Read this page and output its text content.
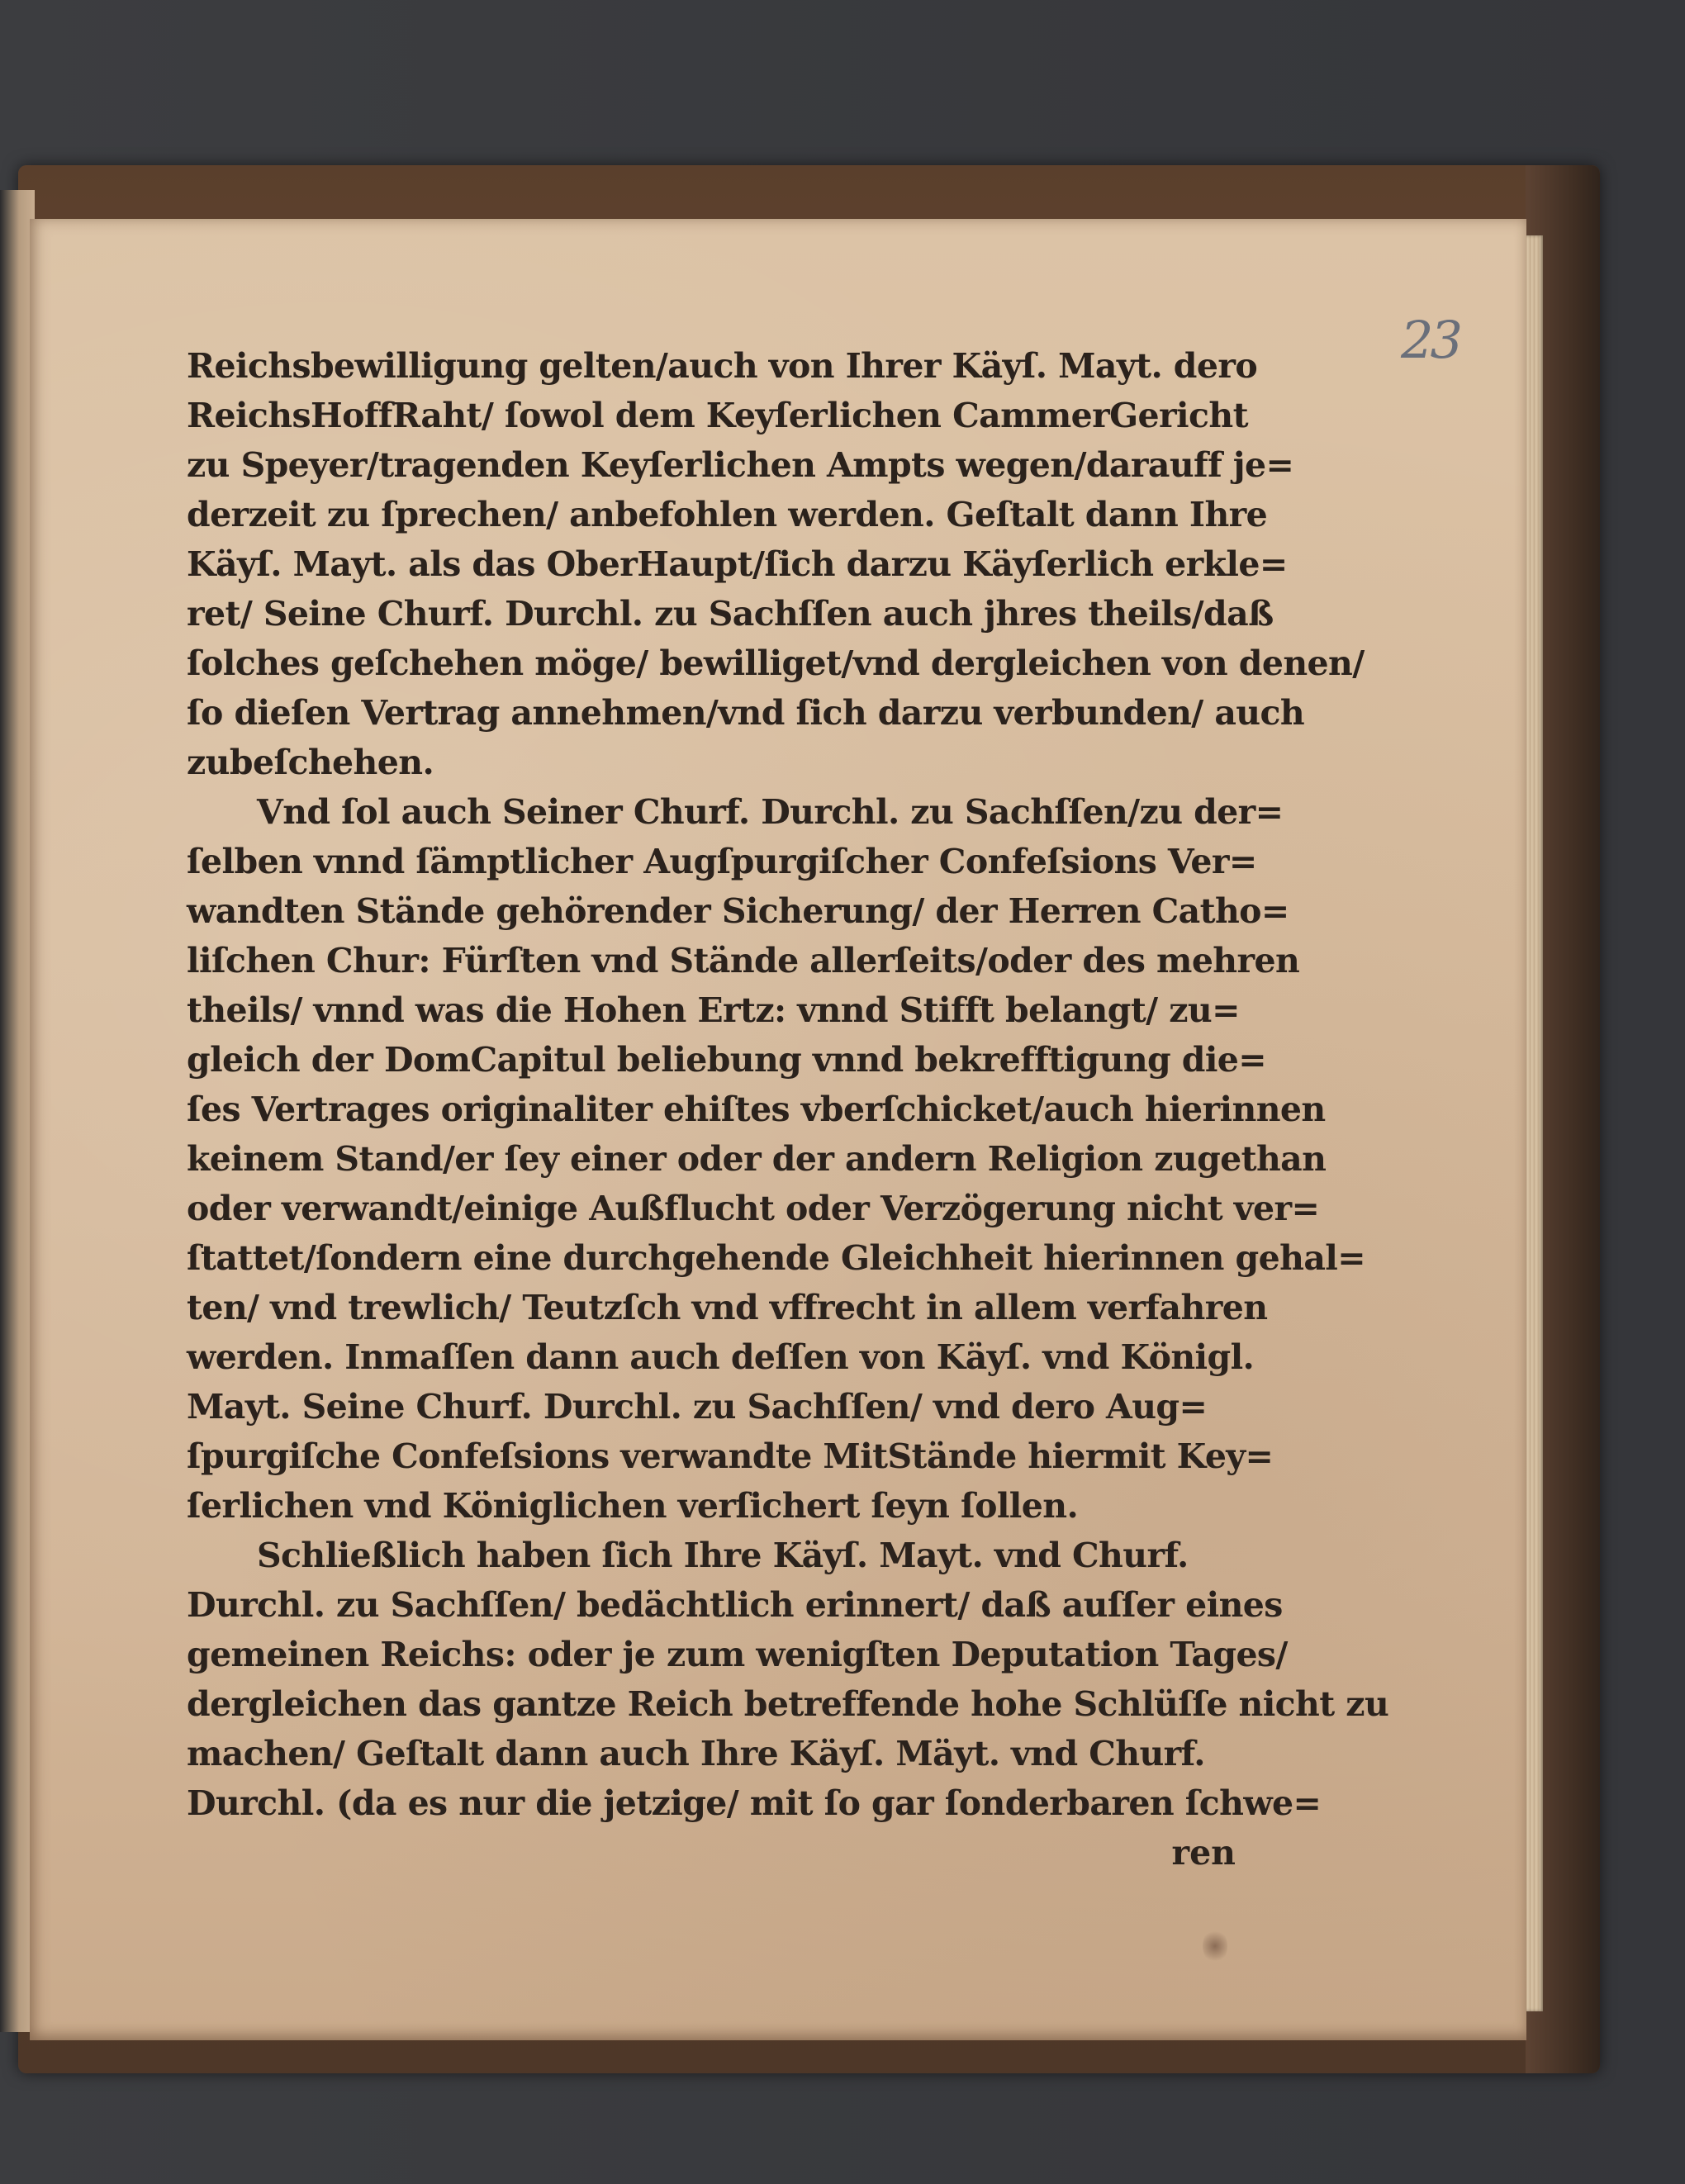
23
Reichsbewilligung gelten/auch von Ihrer Käyſ. Mayt. dero
ReichsHoffRaht/ ſowol dem Keyſerlichen CammerGericht
zu Speyer/tragenden Keyſerlichen Ampts wegen/darauff je=
derzeit zu ſprechen/ anbefohlen werden. Geſtalt dann Ihre
Käyſ. Mayt. als das OberHaupt/ſich darzu Käyſerlich erkle=
ret/ Seine Churf. Durchl. zu Sachſſen auch jhres theils/daß
ſolches geſchehen möge/ bewilliget/vnd dergleichen von denen/
ſo dieſen Vertrag annehmen/vnd ſich darzu verbunden/ auch
zubeſchehen.
Vnd ſol auch Seiner Churf. Durchl. zu Sachſſen/zu der=
ſelben vnnd ſämptlicher Augſpurgiſcher Confeſsions Ver=
wandten Stände gehörender Sicherung/ der Herren Catho=
liſchen Chur: Fürſten vnd Stände allerſeits/oder des mehren
theils/ vnnd was die Hohen Ertz: vnnd Stifft belangt/ zu=
gleich der DomCapitul beliebung vnnd bekrefftigung die=
ſes Vertrages originaliter ehiſtes vberſchicket/auch hierinnen
keinem Stand/er ſey einer oder der andern Religion zugethan
oder verwandt/einige Außflucht oder Verzögerung nicht ver=
ſtattet/ſondern eine durchgehende Gleichheit hierinnen gehal=
ten/ vnd trewlich/ Teutzſch vnd vffrecht in allem verfahren
werden. Inmaſſen dann auch deſſen von Käyſ. vnd Königl.
Mayt. Seine Churf. Durchl. zu Sachſſen/ vnd dero Aug=
ſpurgiſche Confeſsions verwandte MitStände hiermit Key=
ſerlichen vnd Königlichen verſichert ſeyn ſollen.
Schließlich haben ſich Ihre Käyſ. Mayt. vnd Churf.
Durchl. zu Sachſſen/ bedächtlich erinnert/ daß auſſer eines
gemeinen Reichs: oder je zum wenigſten Deputation Tages/
dergleichen das gantze Reich betreffende hohe Schlüſſe nicht zu
machen/ Geſtalt dann auch Ihre Käyſ. Mäyt. vnd Churf.
Durchl. (da es nur die jetzige/ mit ſo gar ſonderbaren ſchwe=
ren
